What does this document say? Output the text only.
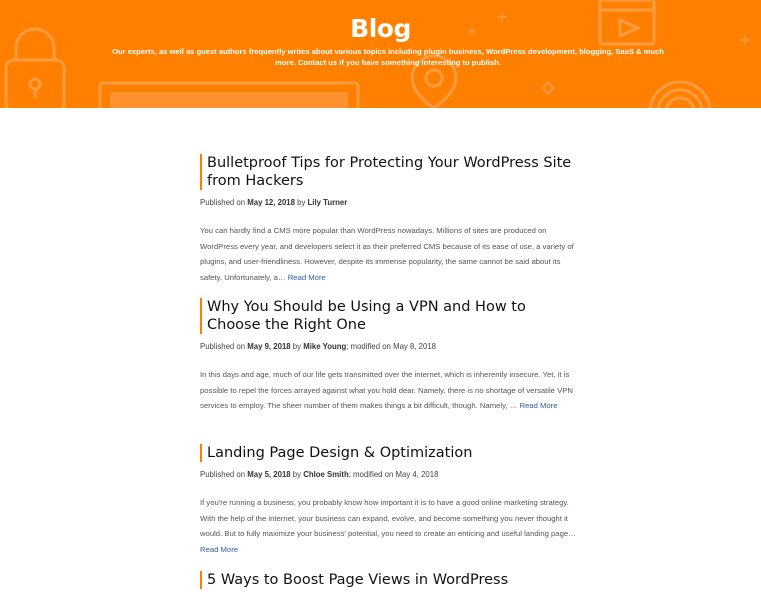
Blog
Our experts, as well as guest authors frequently writes about various topics including plugin business, WordPress development, blogging, SaaS & much more. Contact us if you have something interesting to publish.
Bulletproof Tips for Protecting Your WordPress Site from Hackers
Published on May 12, 2018 by Lily Turner
You can hardly find a CMS more popular than WordPress nowadays. Millions of sites are produced on WordPress every year, and developers select it as their preferred CMS because of its ease of use, a variety of plugins, and user-friendliness. However, despite its immense popularity, the same cannot be said about its safety. Unfortunately, a… Read More
Why You Should be Using a VPN and How to Choose the Right One
Published on May 9, 2018 by Mike Young; modified on May 8, 2018
In this days and age, much of our life gets transmitted over the internet, which is inherently insecure. Yet, it is possible to repel the forces arrayed against what you hold dear. Namely, there is no shortage of versatile VPN services to employ. The sheer number of them makes things a bit difficult, though. Namely, … Read More
Landing Page Design & Optimization
Published on May 5, 2018 by Chloe Smith; modified on May 4, 2018
If you're running a business, you probably know how important it is to have a good online marketing strategy. With the help of the internet, your business can expand, evolve, and become something you never thought it would. But to fully maximize your business' potential, you need to create an enticing and useful landing page… Read More
5 Ways to Boost Page Views in WordPress
